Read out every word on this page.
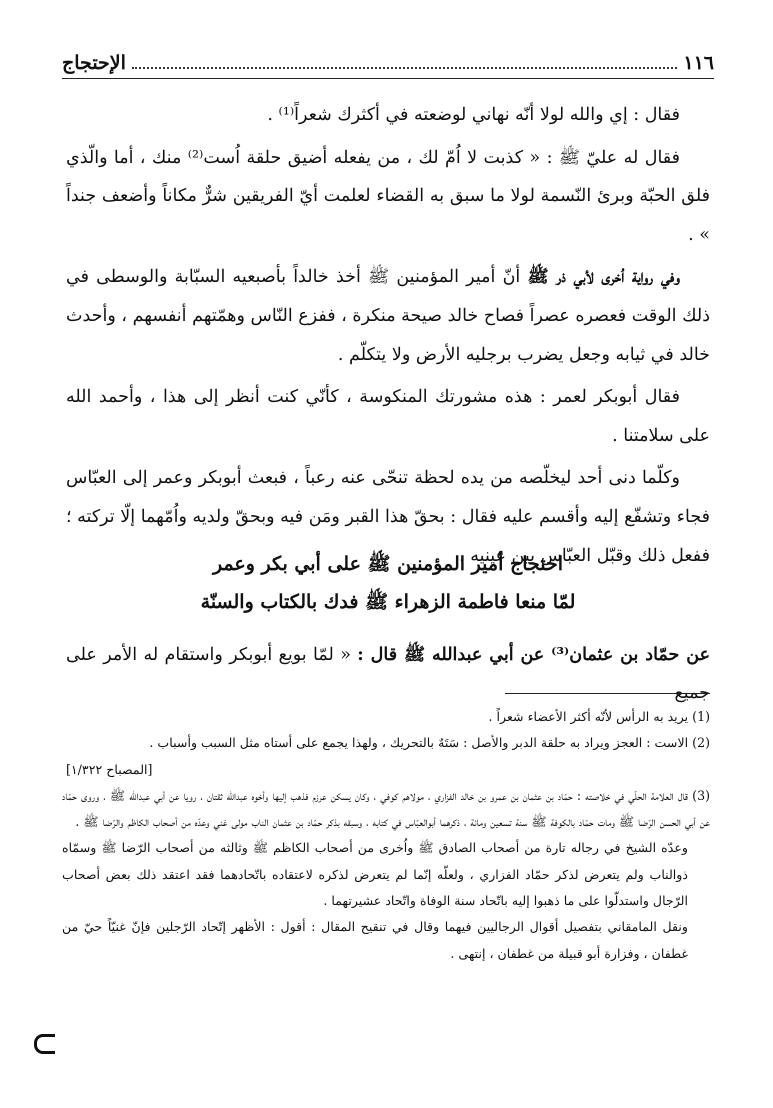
الإحتجاج	١١٦

فقال : إي والله لولا أنّه نهاني لوضعته في أكثرك شعراً⁽¹⁾ .

فقال له عليّ ﷺ : « كذبت لا اُمّ لك ، من يفعله أضيق حلقة اُست⁽²⁾ منك ، أما والّذي فلق الحبّة وبرئ النّسمة لولا ما سبق به القضاء لعلمت أيّ الفريقين شرٌّ مكاناً وأضعف جنداً » .

وفي رواية اُخرى لأبي ذر ﷺ أنّ أمير المؤمنين ﷺ أخذ خالداً بأصبعيه السبّابة والوسطى في ذلك الوقت فعصره عصراً فصاح خالد صيحة منكرة ، ففزع النّاس وهمّتهم أنفسهم ، وأحدث خالد في ثيابه وجعل يضرب برجليه الأرض ولا يتكلّم .

فقال أبوبكر لعمر : هذه مشورتك المنكوسة ، كأنّي كنت أنظر إلى هذا ، وأحمد الله على سلامتنا .

وكلّما دنى أحد ليخلّصه من يده لحظة تنحّى عنه رعباً ، فبعث أبوبكر وعمر إلى العبّاس فجاء وتشفّع إليه وأقسم عليه فقال : بحقّ هذا القبر ومَن فيه وبحقّ ولديه واُمّهما إلّا تركته ؛ ففعل ذلك وقبّل العبّاس بين عينيه .

احتجاج أمير المؤمنين ﷺ على أبي بكر وعمر
لمّا منعا فاطمة الزهراء ﷺ فدك بالكتاب والسنّة
عن حمّاد بن عثمان⁽³⁾ عن أبي عبدالله ﷺ قال : « لمّا بويع أبوبكر واستقام له الأمر على جميع

(1) يريد به الرأس لأنّه أكثر الأعضاء شعراً .

(2) الاست : العجز ويراد به حلقة الدبر والأصل : سَتَهٌ بالتحريك ، ولهذا يجمع على أستاه مثل السبب وأسباب .

[المصباح ١/٣٢٢]

(3) قال العلامة الحلّي في خلاصته : حمّاد بن عثمان بن عمرو بن خالد الفزاري ، مولاهم كوفي ، وكان يسكن عرزم فذهب إليها وأخوه عبدالله ثقتان ، رويا عن أبي عبدالله ﷺ ، وروى حمّاد عن أبي الحسن الرّضا ﷺ ومات حمّاد بالكوفة ﷺ سنة تسعين ومائة ، ذكرهما أبوالعبّاس في كتابه ، وسبقه بذكر حمّاد بن عثمان الناب مولى غني وعدّه من أصحاب الكاظم والرّضا ﷺ .

وعدّه الشيخ في رجاله تارة من أصحاب الصادق ﷺ واُخرى من أصحاب الكاظم ﷺ وثالثه من أصحاب الرّضا ﷺ وسمّاه ذوالناب ولم يتعرض لذكر حمّاد الفزاري ، ولعلّه إنّما لم يتعرض لذكره لاعتقاده باتّحادهما فقد اعتقد ذلك بعض أصحاب الرّجال واستدلّوا على ما ذهبوا إليه باتّحاد سنة الوفاة واتّحاد عشيرتهما .

ونقل المامقاني بتفصيل أقوال الرجاليين فيهما وقال في تنقيح المقال : أقول : الأظهر إتّحاد الرّجلين فإنّ غنيّاً حيّ من غطفان ، وفزارة أبو قبيلة من غطفان ، إنتهى .
